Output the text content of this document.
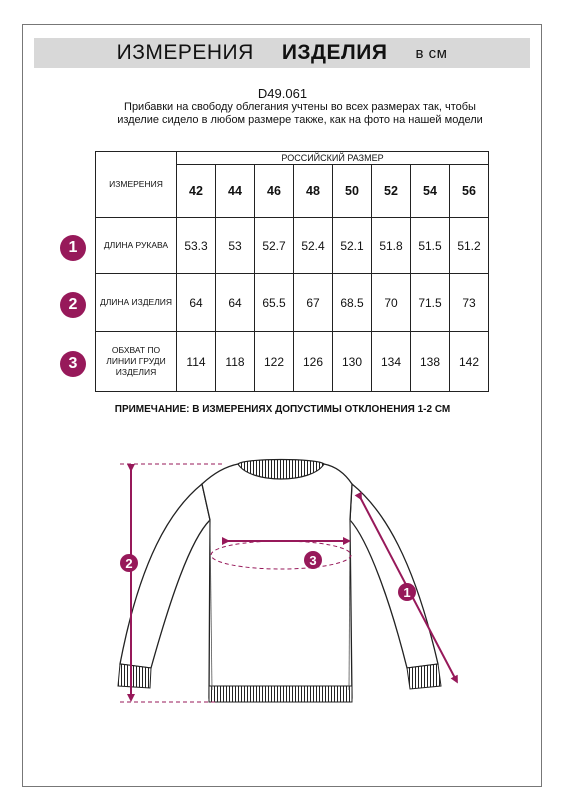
ИЗМЕРЕНИЯ ИЗДЕЛИЯ в см
D49.061
Прибавки на свободу облегания учтены во всех размерах так, чтобы изделие сидело в любом размере также, как на фото на нашей модели
ИЗМЕРЕНИЯ	РОССИЙСКИЙ РАЗМЕР							
	42	44	46	48	50	52	54	56
ДЛИНА РУКАВА	53.3	53	52.7	52.4	52.1	51.8	51.5	51.2
ДЛИНА ИЗДЕЛИЯ	64	64	65.5	67	68.5	70	71.5	73
ОБХВАТ ПО ЛИНИИ ГРУДИ ИЗДЕЛИЯ	114	118	122	126	130	134	138	142
1
2
3
ПРИМЕЧАНИЕ: В ИЗМЕРЕНИЯХ ДОПУСТИМЫ ОТКЛОНЕНИЯ 1-2 СМ
1
2	3
